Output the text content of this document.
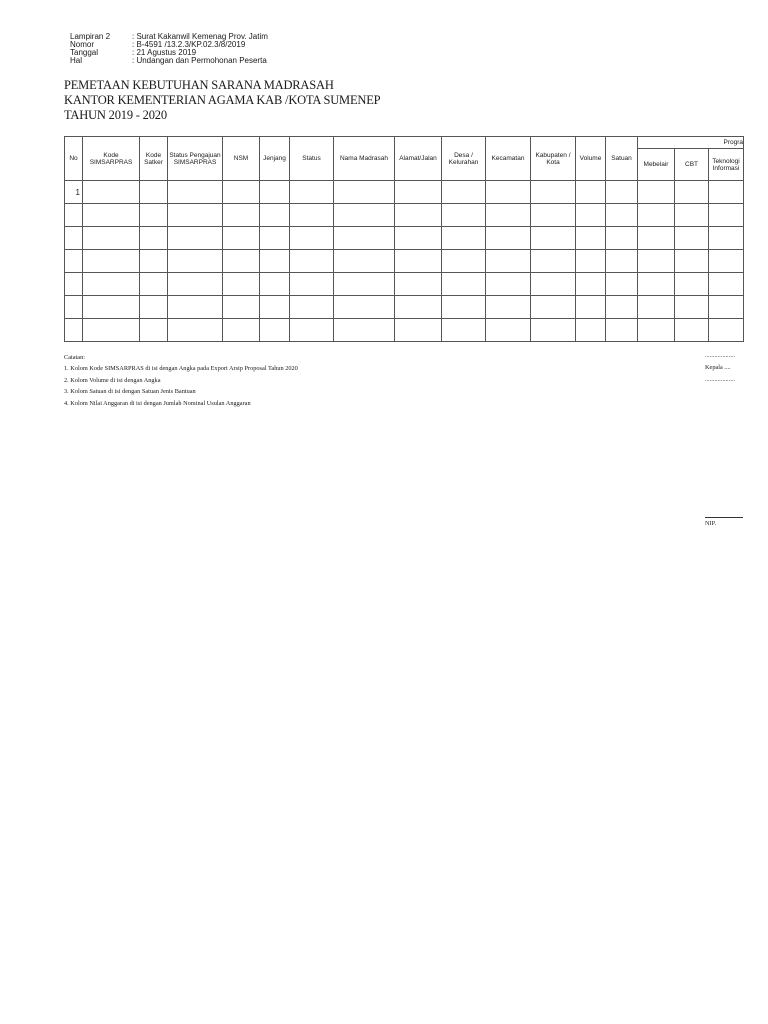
Lampiran 2	: Surat Kakanwil Kemenag Prov. Jatim
Nomor	: B-4591 /13.2.3/KP.02.3/8/2019
Tanggal	: 21 Agustus 2019
Hal	: Undangan dan Permohonan Peserta
PEMETAAN KEBUTUHAN SARANA MADRASAH
KANTOR KEMENTERIAN AGAMA KAB /KOTA SUMENEP
TAHUN 2019 - 2020
No	Kode SIMSARPRAS	Kode Satker	Status Pengajuan SIMSARPRAS	NSM	Jenjang	Status	Nama Madrasah	Alamat/Jalan	Desa / Kelurahan	Kecamatan	Kabupaten / Kota	Volume	Satuan	Progra		
														Mebelair	CBT	Teknologi Informasi
1																

Catatan:
1. Kolom Kode SIMSARPRAS di isi dengan Angka pada Export Arsip Proposal Tahun 2020
2. Kolom Volume di isi dengan Angka
3. Kolom Satuan di isi dengan Satuan Jenis Bantuan
4. Kolom Nilai Anggaran di isi dengan Jumlah Nominal Usulan Anggaran
...................
Kepala ....
...................
NIP.
